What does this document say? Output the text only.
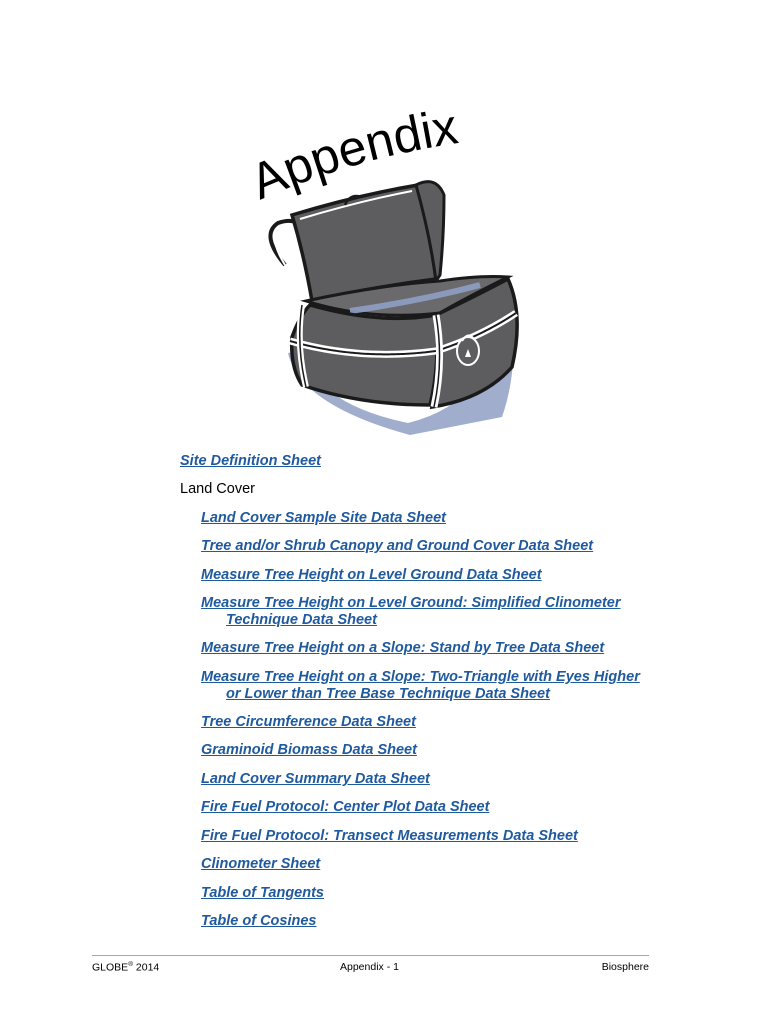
Appendix
Site Definition Sheet
Land Cover
Land Cover Sample Site Data Sheet
Tree and/or Shrub Canopy and Ground Cover Data Sheet
Measure Tree Height on Level Ground Data Sheet
Measure Tree Height on Level Ground: Simplified Clinometer
Technique Data Sheet
Measure Tree Height on a Slope: Stand by Tree Data Sheet
Measure Tree Height on a Slope: Two-Triangle with Eyes Higher
or Lower than Tree Base Technique Data Sheet
Tree Circumference Data Sheet
Graminoid Biomass Data Sheet
Land Cover Summary Data Sheet
Fire Fuel Protocol: Center Plot Data Sheet
Fire Fuel Protocol: Transect Measurements Data Sheet
Clinometer Sheet
Table of Tangents
Table of Cosines
GLOBE® 2014	Appendix - 1	Biosphere
